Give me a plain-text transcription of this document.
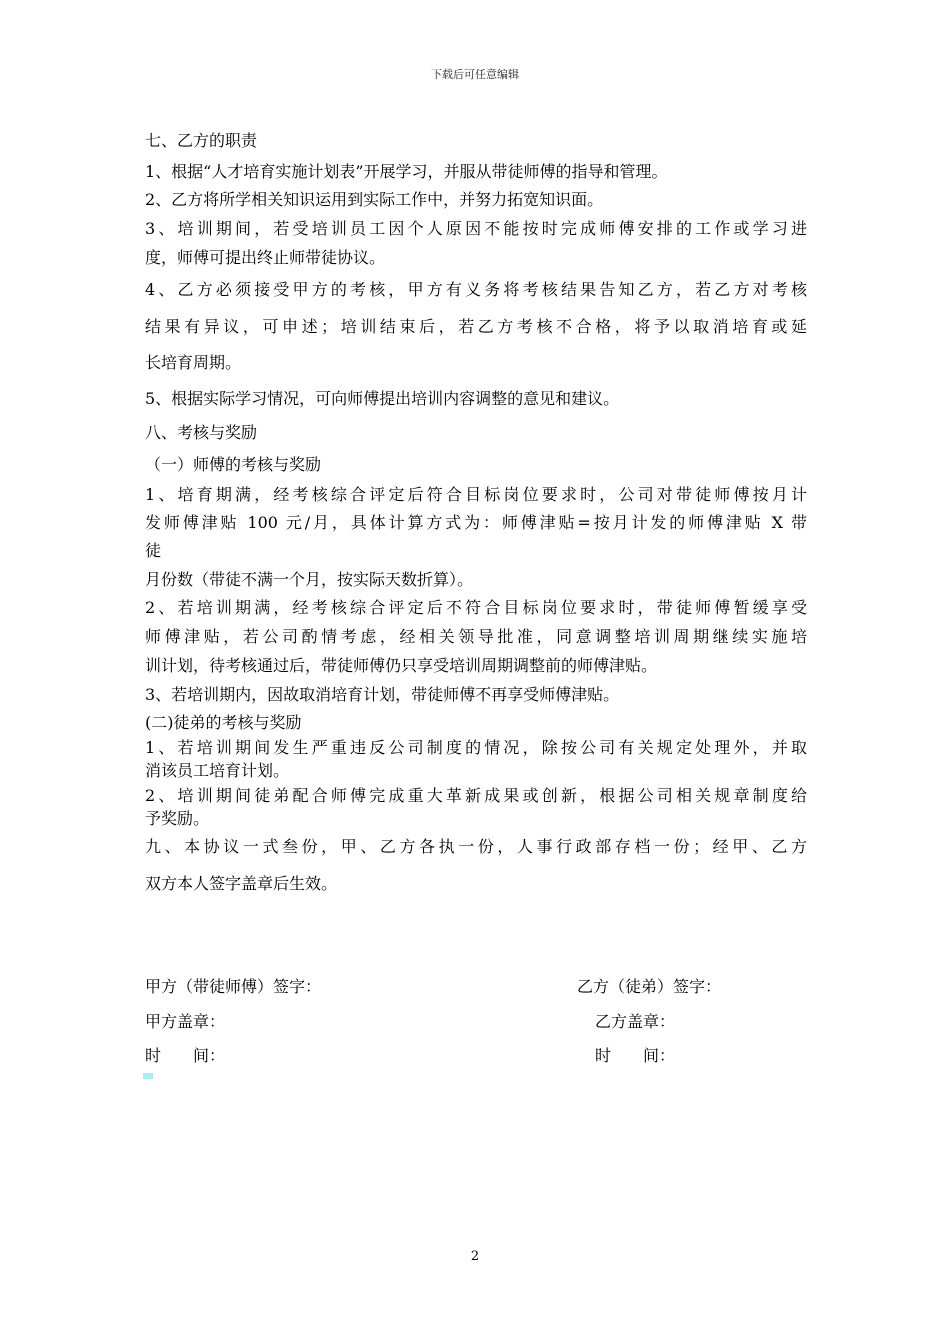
下载后可任意编辑
七、乙方的职责
1、根据“人才培育实施计划表”开展学习，并服从带徒师傅的指导和管理。
2、乙方将所学相关知识运用到实际工作中，并努力拓宽知识面。
3、培训期间，若受培训员工因个人原因不能按时完成师傅安排的工作或学习进
度，师傅可提出终止师带徒协议。
4、乙方必须接受甲方的考核，甲方有义务将考核结果告知乙方，若乙方对考核
结果有异议，可申述；培训结束后，若乙方考核不合格，将予以取消培育或延
长培育周期。
5、根据实际学习情况，可向师傅提出培训内容调整的意见和建议。
八、考核与奖励
（一）师傅的考核与奖励
1、培育期满，经考核综合评定后符合目标岗位要求时，公司对带徒师傅按月计
发师傅津贴 100 元/月，具体计算方式为：师傅津贴=按月计发的师傅津贴 X 带
徒
月份数（带徒不满一个月，按实际天数折算）。
2、若培训期满，经考核综合评定后不符合目标岗位要求时，带徒师傅暂缓享受
师傅津贴，若公司酌情考虑，经相关领导批准，同意调整培训周期继续实施培
训计划，待考核通过后，带徒师傅仍只享受培训周期调整前的师傅津贴。
3、若培训期内，因故取消培育计划，带徒师傅不再享受师傅津贴。
(二)徒弟的考核与奖励
1、若培训期间发生严重违反公司制度的情况，除按公司有关规定处理外，并取
消该员工培育计划。
2、培训期间徒弟配合师傅完成重大革新成果或创新，根据公司相关规章制度给
予奖励。
九、本协议一式叁份，甲、乙方各执一份，人事行政部存档一份；经甲、乙方
双方本人签字盖章后生效。
甲方（带徒师傅）签字：	乙方（徒弟）签字：
甲方盖章：	乙方盖章：
时　　间：	时　　间：
2
